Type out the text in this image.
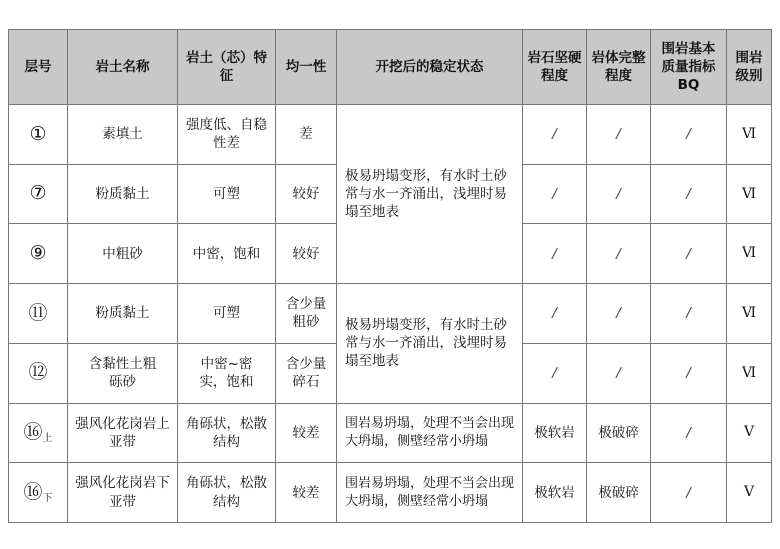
层号	岩土名称	岩土（芯）特征	均一性	开挖后的稳定状态	岩石坚硬程度	岩体完整程度	围岩基本质量指标BQ	围岩级别
①	素填土	强度低、自稳性差	差	极易坍塌变形，有水时土砂常与水一齐涌出，浅埋时易塌至地表	/	/	/	Ⅵ
⑦	粉质黏土	可塑	较好		/	/	/	Ⅵ
⑨	中粗砂	中密，饱和	较好		/	/	/	Ⅵ
⑪	粉质黏土	可塑	含少量粗砂	极易坍塌变形，有水时土砂常与水一齐涌出，浅埋时易塌至地表	/	/	/	Ⅵ
⑫	含黏性土粗砾砂	中密~密实，饱和	含少量碎石		/	/	/	Ⅵ
$⑯_上$	强风化花岗岩上亚带	角砾状，松散结构	较差	围岩易坍塌，处理不当会出现大坍塌，侧壁经常小坍塌	极软岩	极破碎	/	Ⅴ
$⑯_下$	强风化花岗岩下亚带	角砾状，松散结构	较差	围岩易坍塌，处理不当会出现大坍塌，侧壁经常小坍塌	极软岩	极破碎	/	Ⅴ
